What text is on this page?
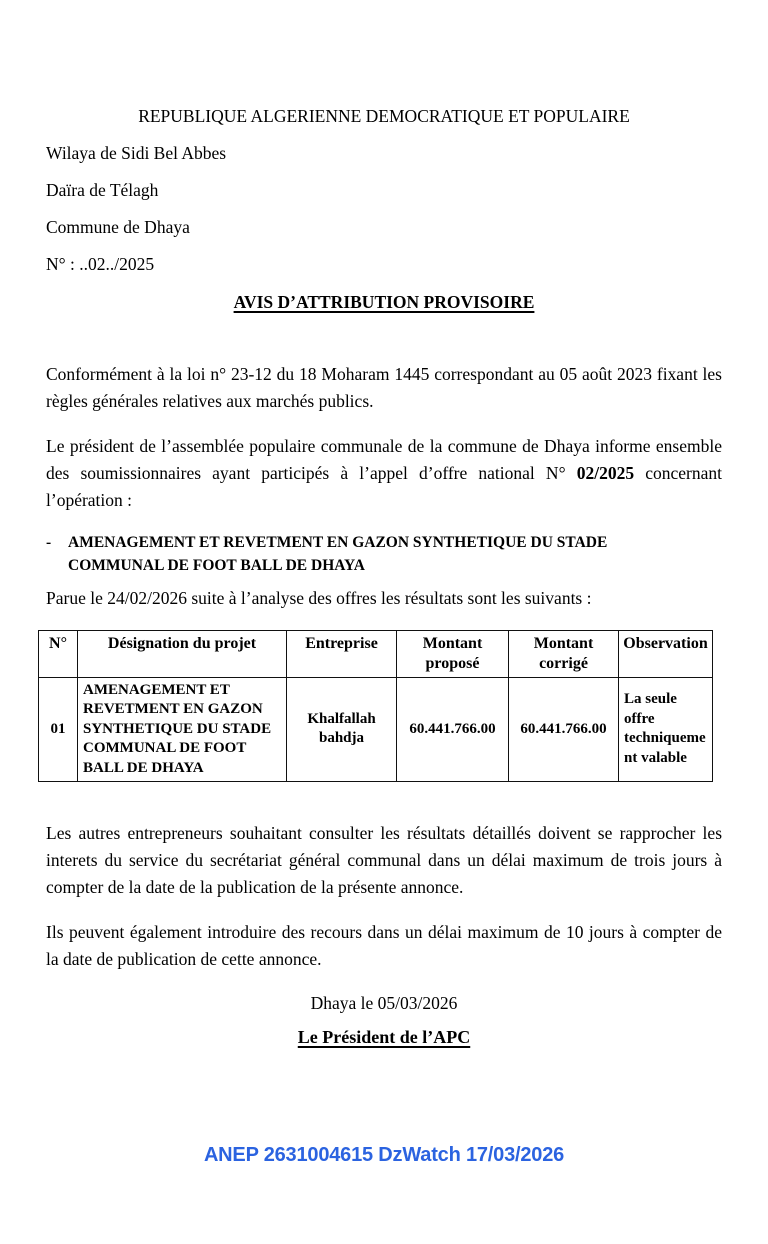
REPUBLIQUE ALGERIENNE DEMOCRATIQUE ET POPULAIRE
Wilaya de Sidi Bel Abbes
Daïra de Télagh
Commune de Dhaya
N° : ..02../2025
AVIS D’ATTRIBUTION PROVISOIRE

Conformément à la loi n° 23-12 du 18 Moharam 1445 correspondant au 05 août 2023 fixant les règles générales relatives aux marchés publics.

Le président de l’assemblée populaire communale de la commune de Dhaya informe ensemble des soumissionnaires ayant participés à l’appel d’offre national N° 02/2025 concernant l’opération :

-	AMENAGEMENT ET REVETMENT EN GAZON SYNTHETIQUE DU STADE COMMUNAL DE FOOT BALL DE DHAYA

Parue le 24/02/2026 suite à l’analyse des offres les résultats sont les suivants :

N°	Désignation du projet	Entreprise	Montant proposé	Montant corrigé	Observation
01	AMENAGEMENT ET REVETMENT EN GAZON SYNTHETIQUE DU STADE COMMUNAL DE FOOT BALL DE DHAYA	Khalfallah bahdja	60.441.766.00	60.441.766.00	La seule offre techniquement valable

Les autres entrepreneurs souhaitant consulter les résultats détaillés doivent se rapprocher les interets du service du secrétariat général communal dans un délai maximum de trois jours à compter de la date de la publication de la présente annonce.

Ils peuvent également introduire des recours dans un délai maximum de 10 jours à compter de la date de publication de cette annonce.

Dhaya le 05/03/2026
Le Président de l’APC
ANEP 2631004615 DzWatch 17/03/2026
